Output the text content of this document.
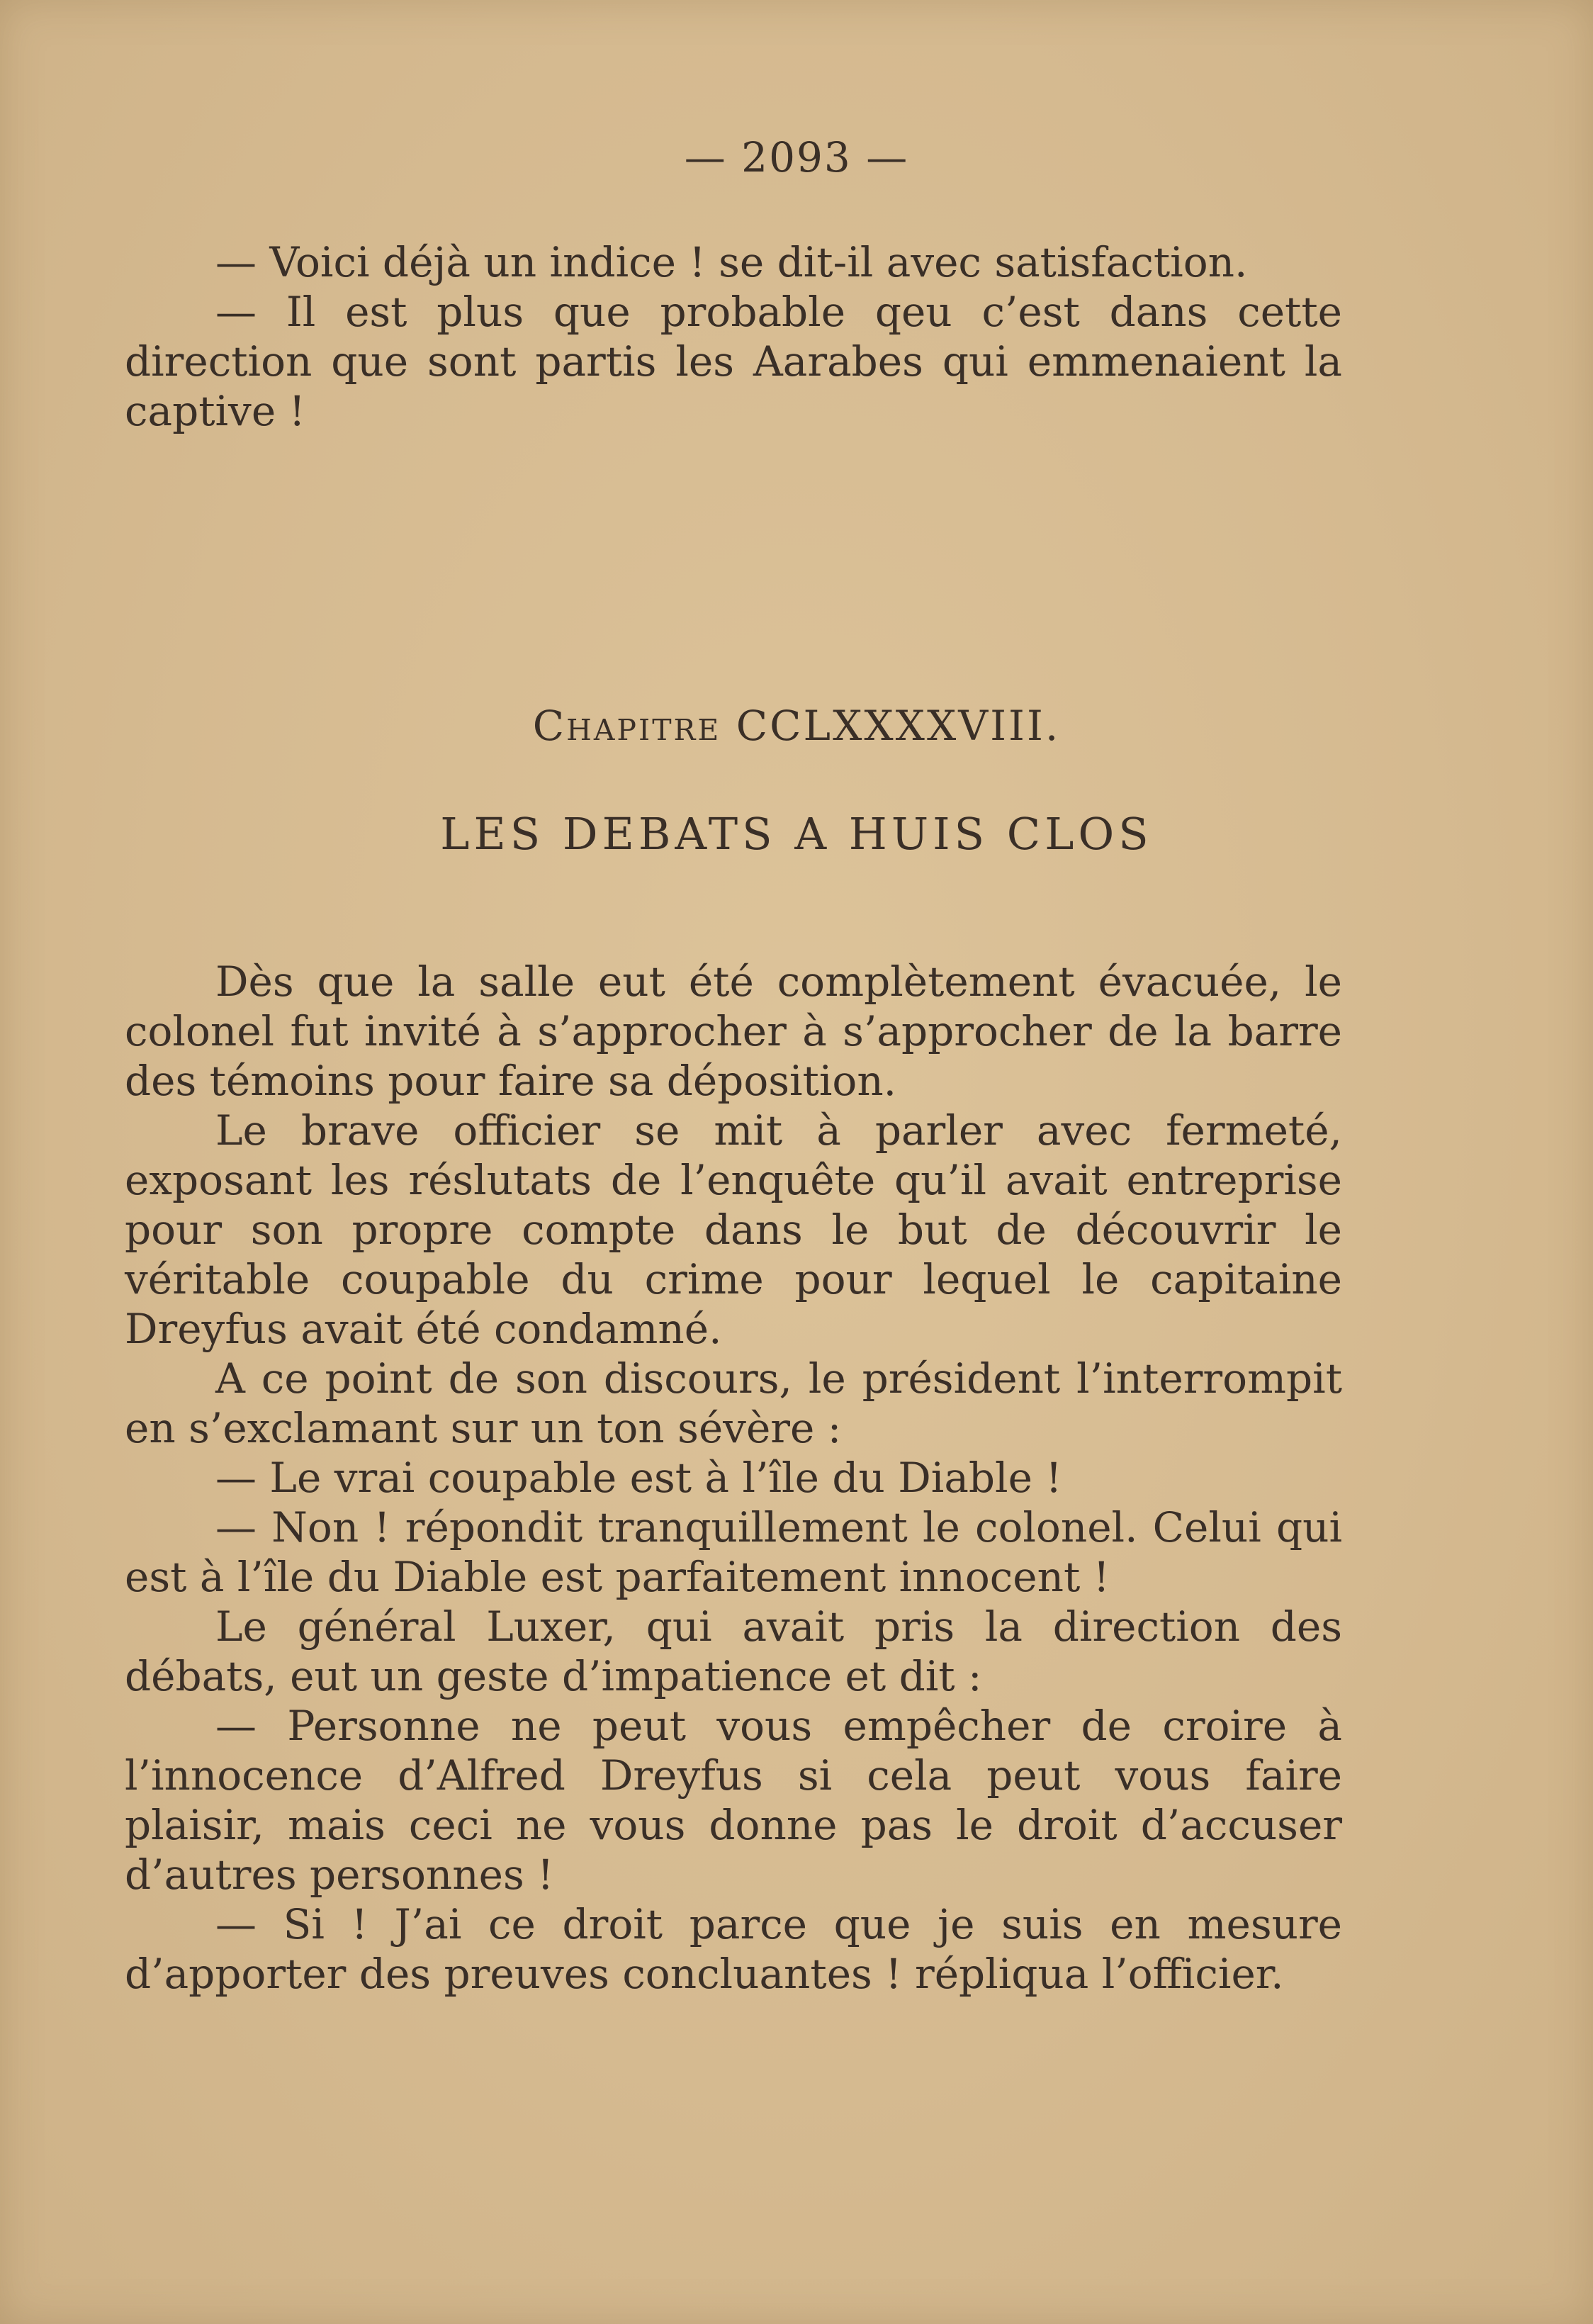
— 2093 —

— Voici déjà un indice ! se dit-il avec satisfaction.

— Il est plus que probable qeu c’est dans cette direction que sont partis les Aarabes qui emmenaient la captive !

Chapitre CCLXXXXVIII.
LES DEBATS A HUIS CLOS

Dès que la salle eut été complètement évacuée, le colonel fut invité à s’approcher à s’approcher de la barre des témoins pour faire sa déposition.

Le brave officier se mit à parler avec fermeté, exposant les réslutats de l’enquête qu’il avait entreprise pour son propre compte dans le but de découvrir le véritable coupable du crime pour lequel le capitaine Dreyfus avait été condamné.

A ce point de son discours, le président l’interrompit en s’exclamant sur un ton sévère :

— Le vrai coupable est à l’île du Diable !

— Non ! répondit tranquillement le colonel. Celui qui est à l’île du Diable est parfaitement innocent !

Le général Luxer, qui avait pris la direction des débats, eut un geste d’impatience et dit :

— Personne ne peut vous empêcher de croire à l’innocence d’Alfred Dreyfus si cela peut vous faire plaisir, mais ceci ne vous donne pas le droit d’accuser d’autres personnes !

— Si ! J’ai ce droit parce que je suis en mesure d’apporter des preuves concluantes ! répliqua l’officier.
